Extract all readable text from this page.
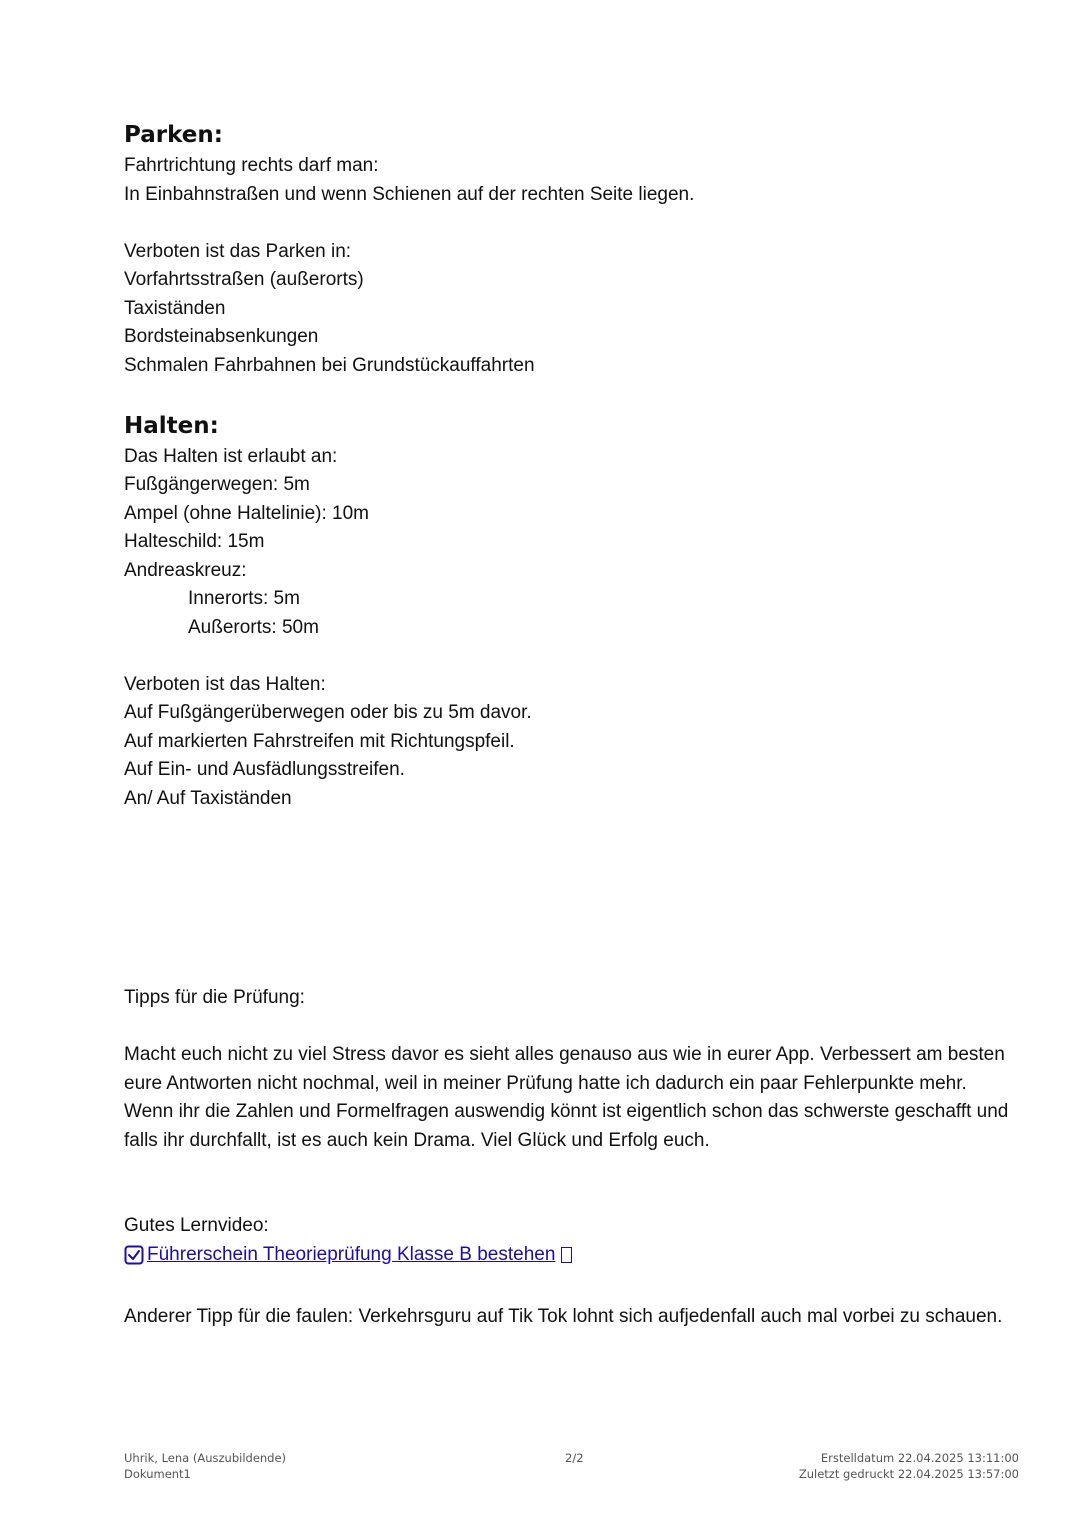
Parken:

Fahrtrichtung rechts darf man:

In Einbahnstraßen und wenn Schienen auf der rechten Seite liegen.

Verboten ist das Parken in:

Vorfahrtsstraßen (außerorts)

Taxiständen

Bordsteinabsenkungen

Schmalen Fahrbahnen bei Grundstückauffahrten

Halten:

Das Halten ist erlaubt an:

Fußgängerwegen: 5m

Ampel (ohne Haltelinie): 10m

Halteschild: 15m

Andreaskreuz:

Innerorts: 5m

Außerorts: 50m

Verboten ist das Halten:

Auf Fußgängerüberwegen oder bis zu 5m davor.

Auf markierten Fahrstreifen mit Richtungspfeil.

Auf Ein- und Ausfädlungsstreifen.

An/ Auf Taxiständen

Tipps für die Prüfung:

Macht euch nicht zu viel Stress davor es sieht alles genauso aus wie in eurer App. Verbessert am besten eure Antworten nicht nochmal, weil in meiner Prüfung hatte ich dadurch ein paar Fehlerpunkte mehr.

Wenn ihr die Zahlen und Formelfragen auswendig könnt ist eigentlich schon das schwerste geschafft und falls ihr durchfallt, ist es auch kein Drama. Viel Glück und Erfolg euch.

Gutes Lernvideo:

Führerschein Theorieprüfung Klasse B bestehen

Anderer Tipp für die faulen: Verkehrsguru auf Tik Tok lohnt sich aufjedenfall auch mal vorbei zu schauen.

Uhrik, Lena (Auszubildende)
Dokument1
2/2	Erstelldatum 22.04.2025 13:11:00
Zuletzt gedruckt 22.04.2025 13:57:00
